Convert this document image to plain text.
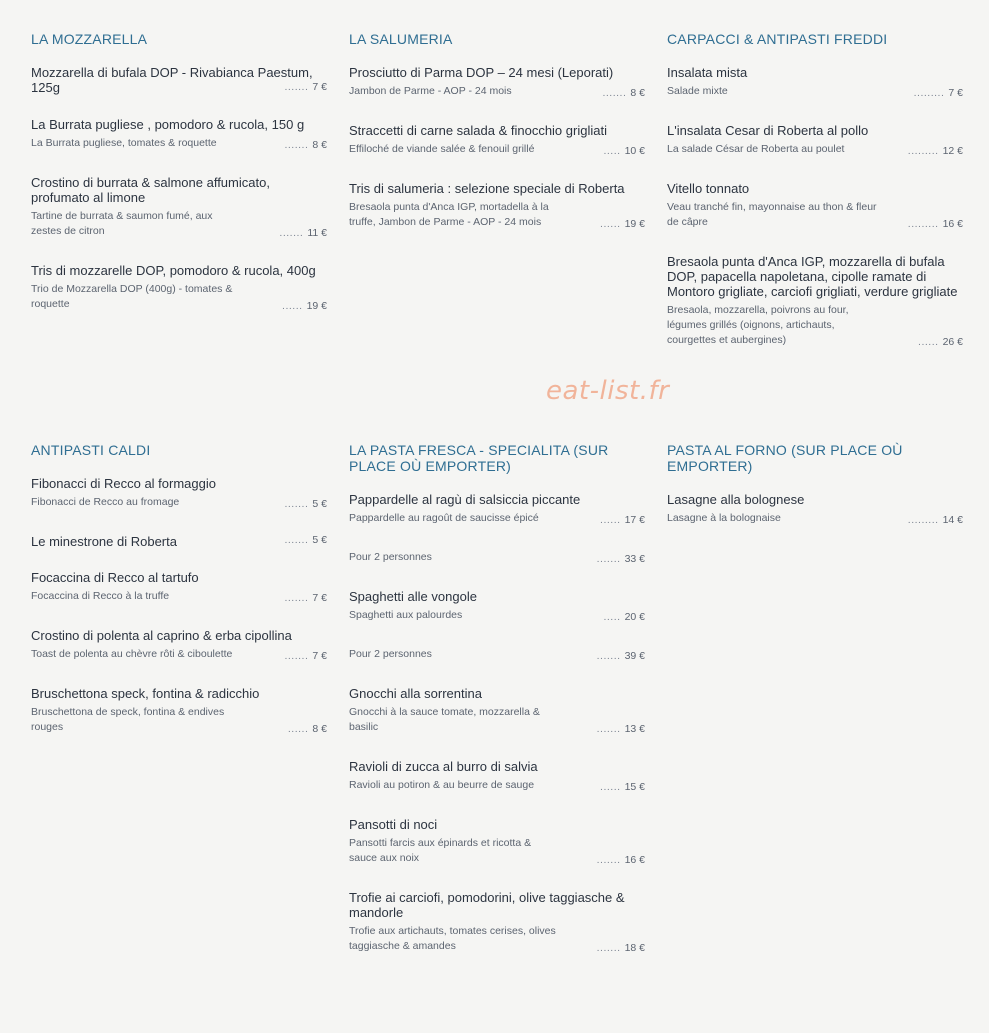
LA MOZZARELLA
Mozzarella di bufala DOP - Rivabianca Paestum, 125g	....... 7 €
La Burrata pugliese , pomodoro & rucola, 150 g
La Burrata pugliese, tomates & roquette	....... 8 €
Crostino di burrata & salmone affumicato, profumato al limone
Tartine de burrata & saumon fumé, aux zestes de citron	....... 11 €
Tris di mozzarelle DOP, pomodoro & rucola, 400g
Trio de Mozzarella DOP (400g) - tomates & roquette	...... 19 €
LA SALUMERIA
Prosciutto di Parma DOP – 24 mesi (Leporati)
Jambon de Parme - AOP - 24 mois	....... 8 €
Straccetti di carne salada & finocchio grigliati
Effiloché de viande salée & fenouil grillé	..... 10 €
Tris di salumeria : selezione speciale di Roberta
Bresaola punta d'Anca IGP, mortadella à la truffe, Jambon de Parme - AOP - 24 mois	...... 19 €
CARPACCI & ANTIPASTI FREDDI
Insalata mista
Salade mixte	......... 7 €
L'insalata Cesar di Roberta al pollo
La salade César de Roberta au poulet	......... 12 €
Vitello tonnato
Veau tranché fin, mayonnaise au thon & fleur de câpre	......... 16 €
Bresaola punta d'Anca IGP, mozzarella di bufala DOP, papacella napoletana, cipolle ramate di Montoro grigliate, carciofi grigliati, verdure grigliate
Bresaola, mozzarella, poivrons au four, légumes grillés (oignons, artichauts, courgettes et aubergines)	...... 26 €
eat-list.fr
ANTIPASTI CALDI
Fibonacci di Recco al formaggio
Fibonacci de Recco au fromage	....... 5 €
Le minestrone di Roberta	....... 5 €
Focaccina di Recco al tartufo
Focaccina di Recco à la truffe	....... 7 €
Crostino di polenta al caprino & erba cipollina
Toast de polenta au chèvre rôti & ciboulette	....... 7 €
Bruschettona speck, fontina & radicchio
Bruschettona de speck, fontina & endives rouges	...... 8 €
LA PASTA FRESCA - SPECIALITA (SUR PLACE OÙ EMPORTER)
Pappardelle al ragù di salsiccia piccante
Pappardelle au ragoût de saucisse épicé	...... 17 €
Pour 2 personnes	....... 33 €
Spaghetti alle vongole
Spaghetti aux palourdes	..... 20 €
Pour 2 personnes	....... 39 €
Gnocchi alla sorrentina
Gnocchi à la sauce tomate, mozzarella & basilic	....... 13 €
Ravioli di zucca al burro di salvia
Ravioli au potiron & au beurre de sauge	...... 15 €
Pansotti di noci
Pansotti farcis aux épinards et ricotta & sauce aux noix	....... 16 €
Trofie ai carciofi, pomodorini, olive taggiasche & mandorle
Trofie aux artichauts, tomates cerises, olives taggiasche & amandes	....... 18 €
PASTA AL FORNO (SUR PLACE OÙ EMPORTER)
Lasagne alla bolognese
Lasagne à la bolognaise	......... 14 €
